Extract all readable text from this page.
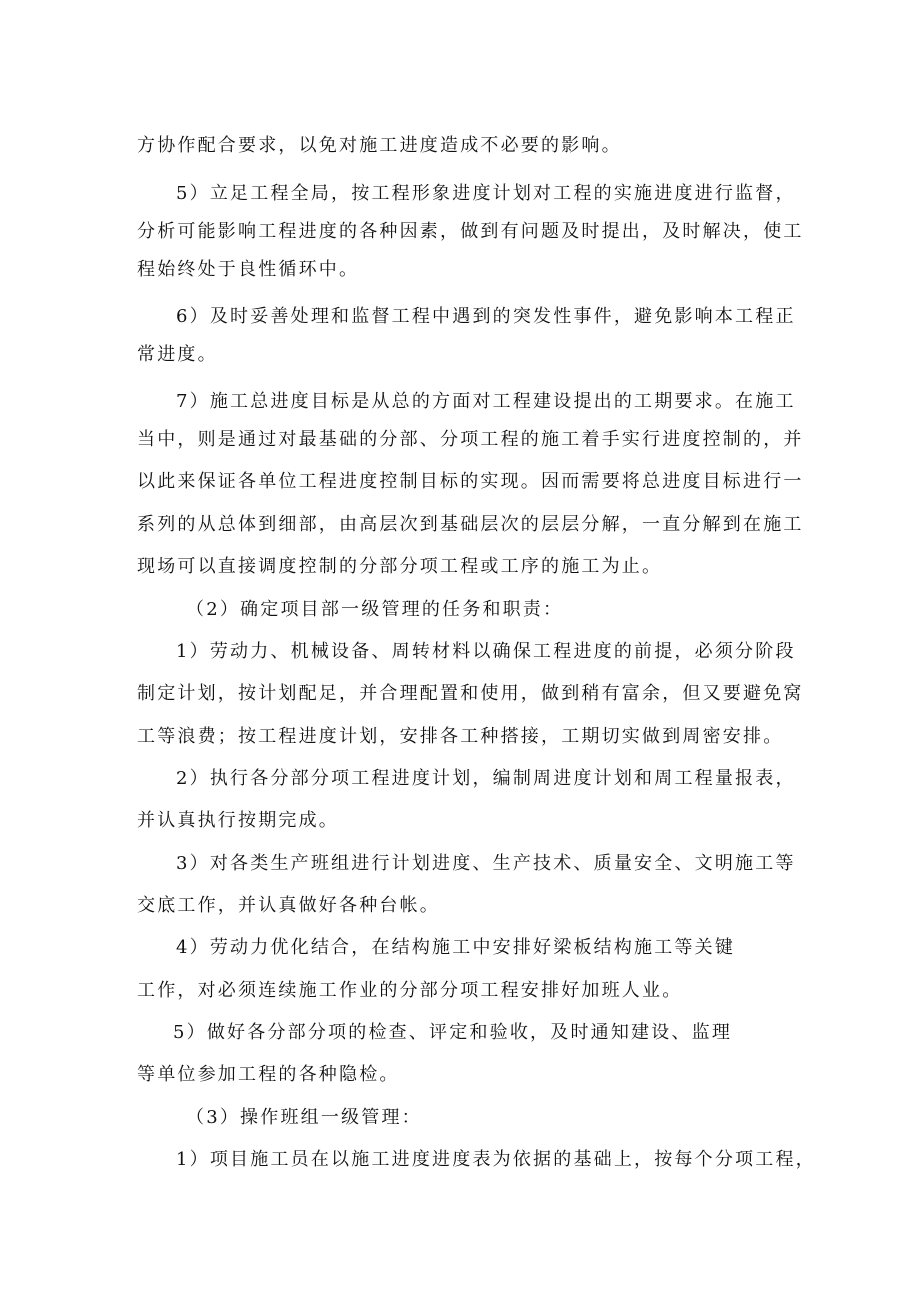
方协作配合要求，以免对施工进度造成不必要的影响。
5）立足工程全局，按工程形象进度计划对工程的实施进度进行监督，
分析可能影响工程进度的各种因素，做到有问题及时提出，及时解决，使工
程始终处于良性循环中。
6）及时妥善处理和监督工程中遇到的突发性事件，避免影响本工程正
常进度。
7）施工总进度目标是从总的方面对工程建设提出的工期要求。在施工
当中，则是通过对最基础的分部、分项工程的施工着手实行进度控制的，并
以此来保证各单位工程进度控制目标的实现。因而需要将总进度目标进行一
系列的从总体到细部，由高层次到基础层次的层层分解，一直分解到在施工
现场可以直接调度控制的分部分项工程或工序的施工为止。
（2）确定项目部一级管理的任务和职责：
1）劳动力、机械设备、周转材料以确保工程进度的前提，必须分阶段
制定计划，按计划配足，并合理配置和使用，做到稍有富余，但又要避免窝
工等浪费；按工程进度计划，安排各工种搭接，工期切实做到周密安排。
2）执行各分部分项工程进度计划，编制周进度计划和周工程量报表，
并认真执行按期完成。
3）对各类生产班组进行计划进度、生产技术、质量安全、文明施工等
交底工作，并认真做好各种台帐。
4）劳动力优化结合，在结构施工中安排好梁板结构施工等关键
工作，对必须连续施工作业的分部分项工程安排好加班人业。
5）做好各分部分项的检查、评定和验收，及时通知建设、监理
等单位参加工程的各种隐检。
（3）操作班组一级管理：
1）项目施工员在以施工进度进度表为依据的基础上，按每个分项工程，
